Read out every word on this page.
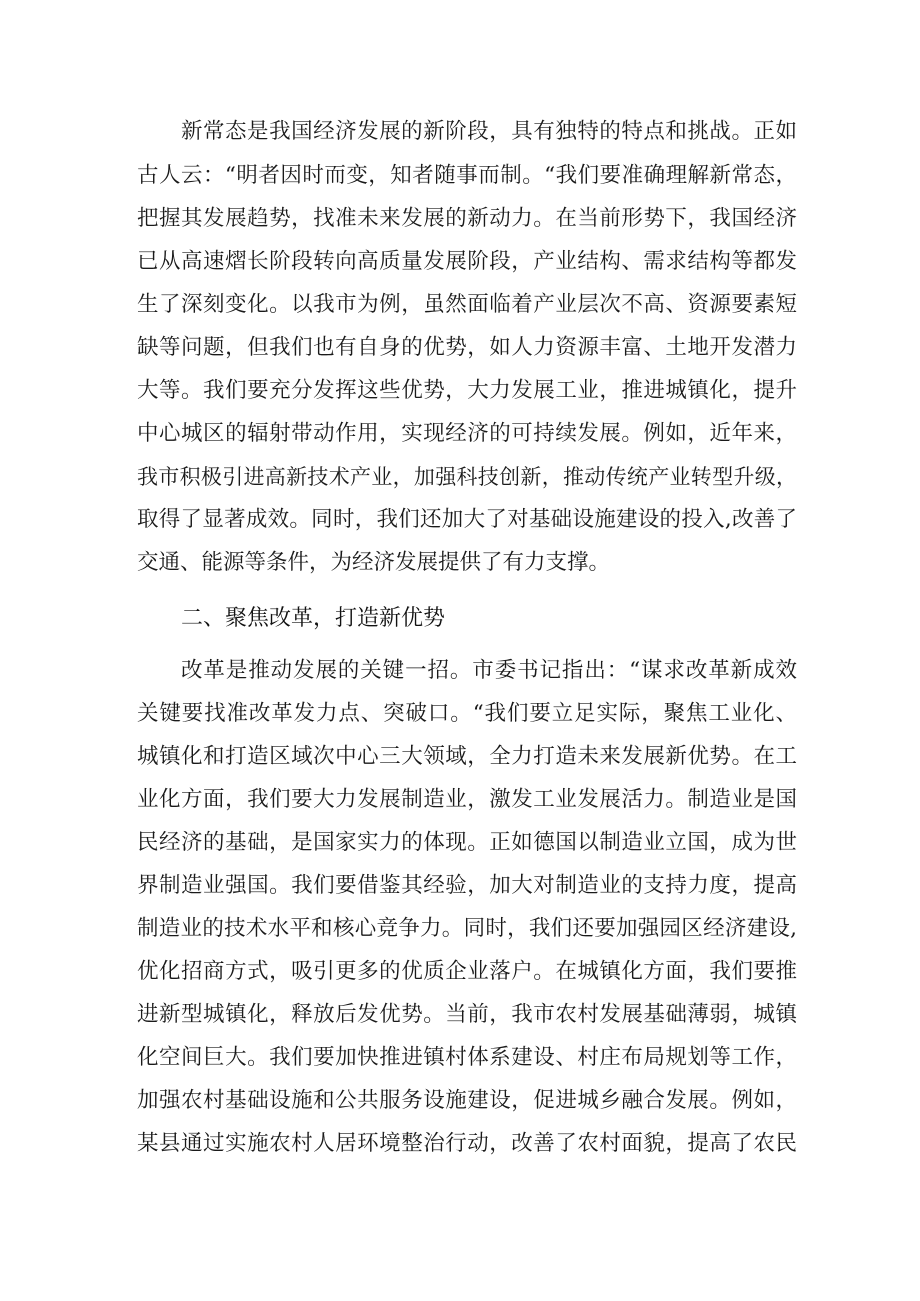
新常态是我国经济发展的新阶段，具有独特的特点和挑战。正如
古人云：“明者因时而变，知者随事而制。“我们要准确理解新常态，
把握其发展趋势，找准未来发展的新动力。在当前形势下，我国经济
已从高速熠长阶段转向高质量发展阶段，产业结构、需求结构等都发
生了深刻变化。以我市为例，虽然面临着产业层次不高、资源要素短
缺等问题，但我们也有自身的优势，如人力资源丰富、土地开发潜力
大等。我们要充分发挥这些优势，大力发展工业，推进城镇化，提升
中心城区的辐射带动作用，实现经济的可持续发展。例如，近年来，
我市积极引进高新技术产业，加强科技创新，推动传统产业转型升级，
取得了显著成效。同时，我们还加大了对基础设施建设的投入,改善了
交通、能源等条件，为经济发展提供了有力支撑。
二、聚焦改革，打造新优势
改革是推动发展的关键一招。市委书记指出：“谋求改革新成效
关键要找准改革发力点、突破口。“我们要立足实际，聚焦工业化、
城镇化和打造区域次中心三大领域，全力打造未来发展新优势。在工
业化方面，我们要大力发展制造业，激发工业发展活力。制造业是国
民经济的基础，是国家实力的体现。正如德国以制造业立国，成为世
界制造业强国。我们要借鉴其经验，加大对制造业的支持力度，提高
制造业的技术水平和核心竞争力。同时，我们还要加强园区经济建设,
优化招商方式，吸引更多的优质企业落户。在城镇化方面，我们要推
进新型城镇化，释放后发优势。当前，我市农村发展基础薄弱，城镇
化空间巨大。我们要加快推进镇村体系建设、村庄布局规划等工作，
加强农村基础设施和公共服务设施建设，促进城乡融合发展。例如，
某县通过实施农村人居环境整治行动，改善了农村面貌，提高了农民
